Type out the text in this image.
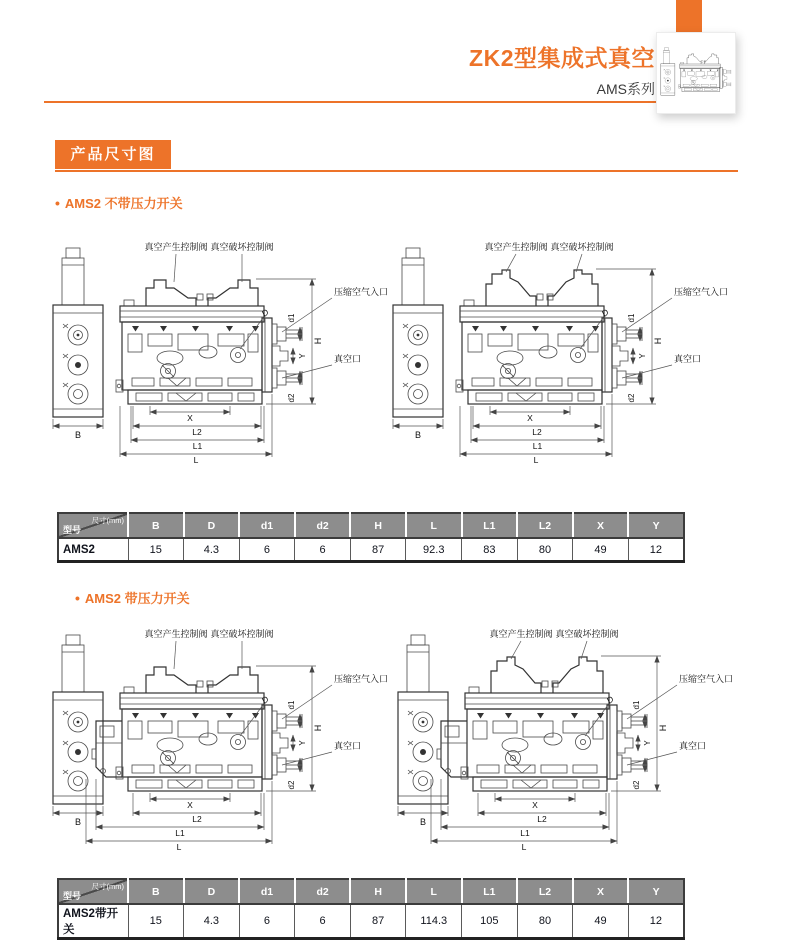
ZK2型集成式真空
AMS系列
产品尺寸图
• AMS2 不带压力开关
B
H
d1
d2
Y
D
X
L2
L1
L
真空产生控制阀 真空破坏控制阀
压缩空气入口
真空口
B
H
d1
d2
Y
D
X
L2
L1
L
真空产生控制阀 真空破坏控制阀
压缩空气入口
真空口
尺寸(mm)
型号	B	D	d1	d2	H	L	L1	L2	X	Y
AMS2	15	4.3	6	6	87	92.3	83	80	49	12
• AMS2 带压力开关
B
H
d1
d2
Y
D
X
L2
L1
L
真空产生控制阀 真空破坏控制阀
压缩空气入口
真空口
B
H
d1
d2
Y
D
X
L2
L1
L
真空产生控制阀 真空破坏控制阀
压缩空气入口
真空口
尺寸(mm)
型号	B	D	d1	d2	H	L	L1	L2	X	Y
AMS2带开关	15	4.3	6	6	87	114.3	105	80	49	12
